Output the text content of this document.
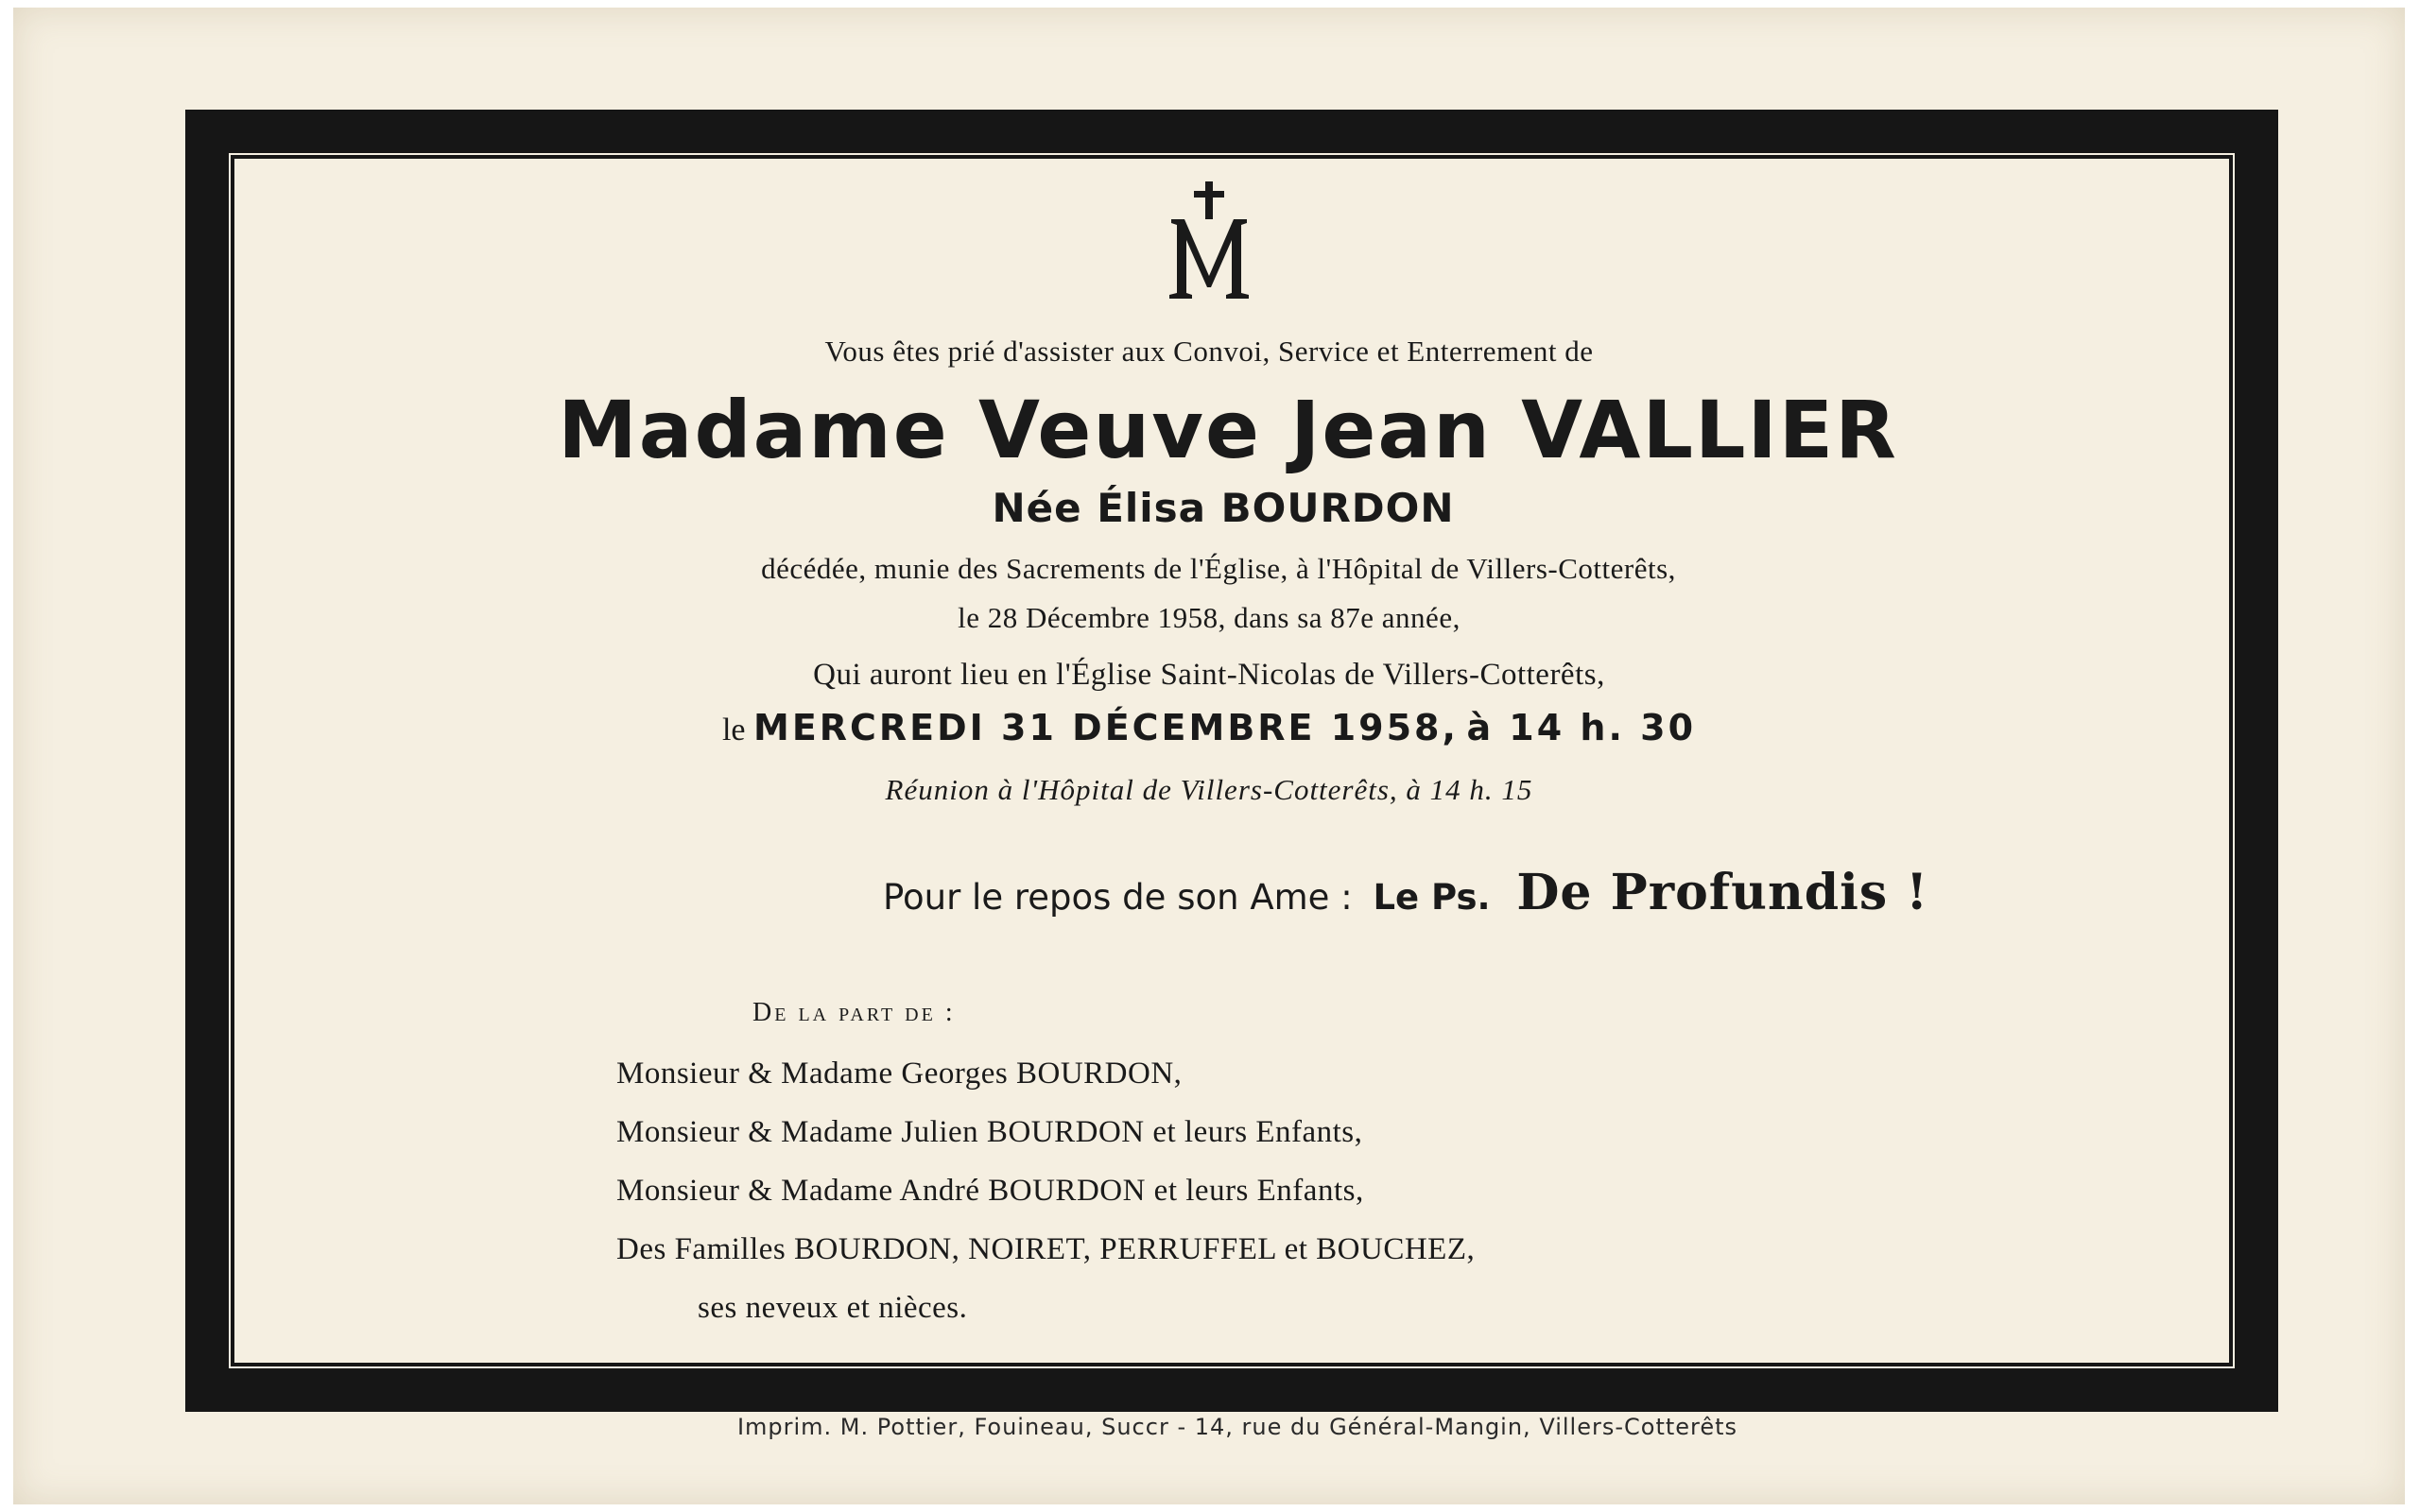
Vous êtes prié d'assister aux Convoi, Service et Enterrement de
Madame Veuve Jean VALLIER
Née Élisa BOURDON
décédée, munie des Sacrements de l'Église, à l'Hôpital de Villers-Cotterêts,
le 28 Décembre 1958, dans sa 87e année,
Qui auront lieu en l'Église Saint-Nicolas de Villers-Cotterêts,
le MERCREDI 31 DÉCEMBRE 1958, à 14 h. 30
Réunion à l'Hôpital de Villers-Cotterêts, à 14 h. 15
Pour le repos de son Ame : Le Ps. De Profundis !
De la part de :
Monsieur & Madame Georges BOURDON,
Monsieur & Madame Julien BOURDON et leurs Enfants,
Monsieur & Madame André BOURDON et leurs Enfants,
Des Familles BOURDON, NOIRET, PERRUFFEL et BOUCHEZ,
ses neveux et nièces.
Imprim. M. Pottier, Fouineau, Succr - 14, rue du Général-Mangin, Villers-Cotterêts
